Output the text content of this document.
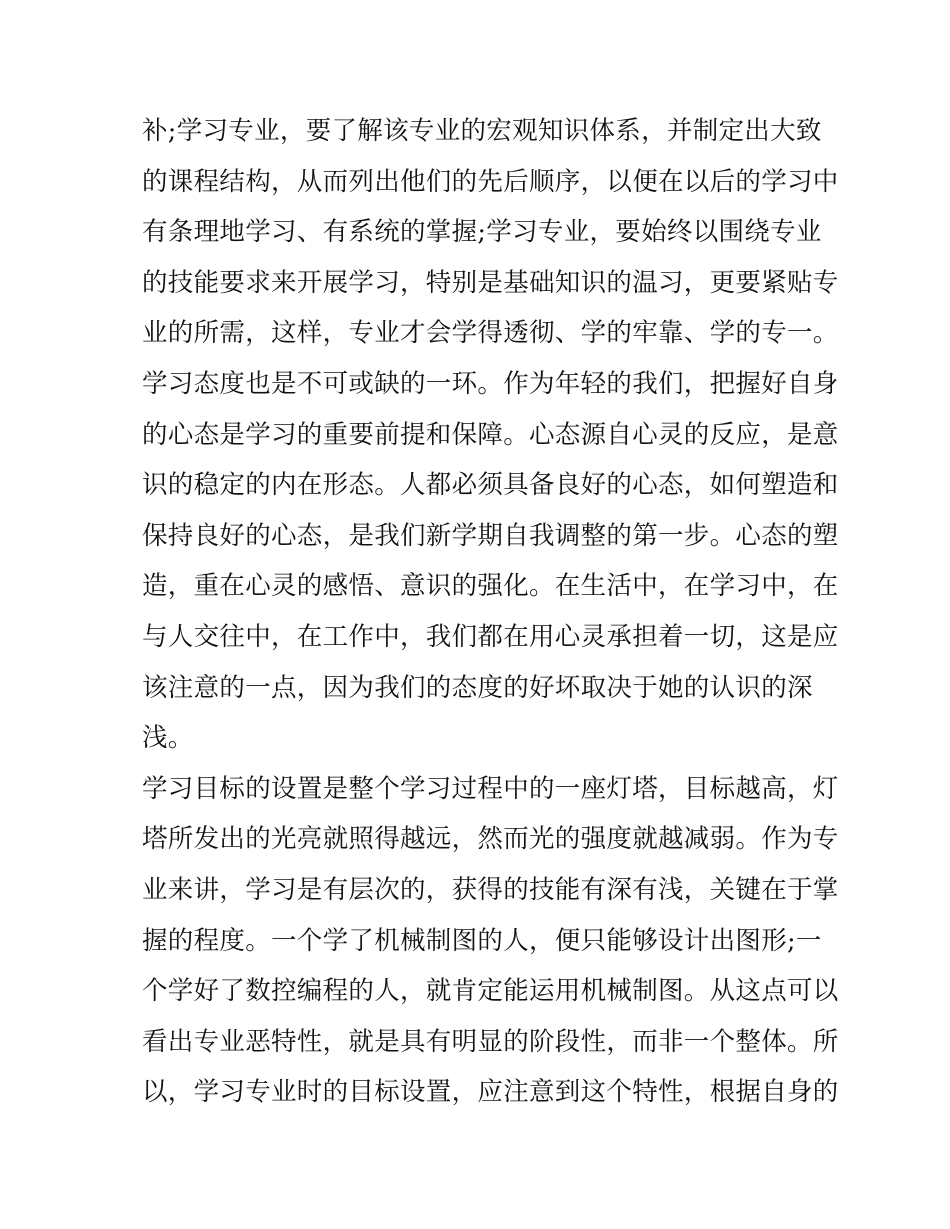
补;学习专业，要了解该专业的宏观知识体系，并制定出大致
的课程结构，从而列出他们的先后顺序，以便在以后的学习中
有条理地学习、有系统的掌握;学习专业，要始终以围绕专业
的技能要求来开展学习，特别是基础知识的温习，更要紧贴专
业的所需，这样，专业才会学得透彻、学的牢靠、学的专一。
学习态度也是不可或缺的一环。作为年轻的我们，把握好自身
的心态是学习的重要前提和保障。心态源自心灵的反应，是意
识的稳定的内在形态。人都必须具备良好的心态，如何塑造和
保持良好的心态，是我们新学期自我调整的第一步。心态的塑
造，重在心灵的感悟、意识的强化。在生活中，在学习中，在
与人交往中，在工作中，我们都在用心灵承担着一切，这是应
该注意的一点，因为我们的态度的好坏取决于她的认识的深
浅。
学习目标的设置是整个学习过程中的一座灯塔，目标越高，灯
塔所发出的光亮就照得越远，然而光的强度就越减弱。作为专
业来讲，学习是有层次的，获得的技能有深有浅，关键在于掌
握的程度。一个学了机械制图的人，便只能够设计出图形;一
个学好了数控编程的人，就肯定能运用机械制图。从这点可以
看出专业恶特性，就是具有明显的阶段性，而非一个整体。所
以，学习专业时的目标设置，应注意到这个特性，根据自身的
